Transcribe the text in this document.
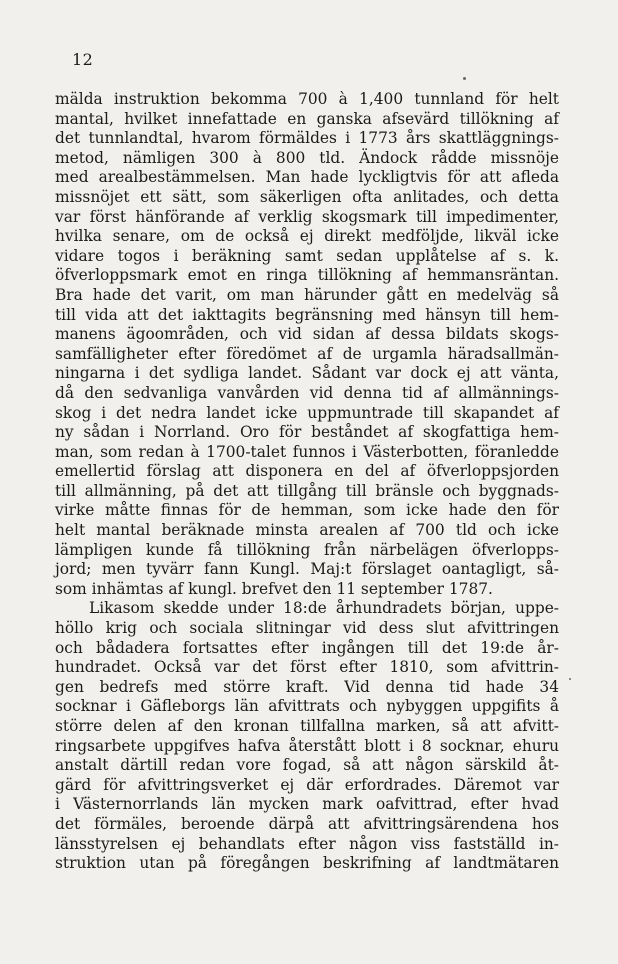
12
mälda instruktion bekomma 700 à 1,400 tunnland för helt
mantal, hvilket innefattade en ganska afsevärd tillökning af
det tunnlandtal, hvarom förmäldes i 1773 års skattläggnings-
metod, nämligen 300 à 800 tld. Ändock rådde missnöje
med arealbestämmelsen. Man hade lyckligtvis för att afleda
missnöjet ett sätt, som säkerligen ofta anlitades, och detta
var först hänförande af verklig skogsmark till impedimenter,
hvilka senare, om de också ej direkt medföljde, likväl icke
vidare togos i beräkning samt sedan upplåtelse af s. k.
öfverloppsmark emot en ringa tillökning af hemmansräntan.
Bra hade det varit, om man härunder gått en medelväg så
till vida att det iakttagits begränsning med hänsyn till hem-
manens ägoområden, och vid sidan af dessa bildats skogs-
samfälligheter efter föredömet af de urgamla häradsallmän-
ningarna i det sydliga landet. Sådant var dock ej att vänta,
då den sedvanliga vanvården vid denna tid af allmännings-
skog i det nedra landet icke uppmuntrade till skapandet af
ny sådan i Norrland. Oro för beståndet af skogfattiga hem-
man, som redan à 1700-talet funnos i Västerbotten, föranledde
emellertid förslag att disponera en del af öfverloppsjorden
till allmänning, på det att tillgång till bränsle och byggnads-
virke måtte finnas för de hemman, som icke hade den för
helt mantal beräknade minsta arealen af 700 tld och icke
lämpligen kunde få tillökning från närbelägen öfverlopps-
jord; men tyvärr fann Kungl. Maj:t förslaget oantagligt, så-
som inhämtas af kungl. brefvet den 11 september 1787.
Likasom skedde under 18:de århundradets början, uppe-
höllo krig och sociala slitningar vid dess slut afvittringen
och bådadera fortsattes efter ingången till det 19:de år-
hundradet. Också var det först efter 1810, som afvittrin-
gen bedrefs med större kraft. Vid denna tid hade 34
socknar i Gäfleborgs län afvittrats och nybyggen uppgifits å
större delen af den kronan tillfallna marken, så att afvitt-
ringsarbete uppgifves hafva återstått blott i 8 socknar, ehuru
anstalt därtill redan vore fogad, så att någon särskild åt-
gärd för afvittringsverket ej där erfordrades. Däremot var
i Västernorrlands län mycken mark oafvittrad, efter hvad
det förmäles, beroende därpå att afvittringsärendena hos
länsstyrelsen ej behandlats efter någon viss fastställd in-
struktion utan på föregången beskrifning af landtmätaren
